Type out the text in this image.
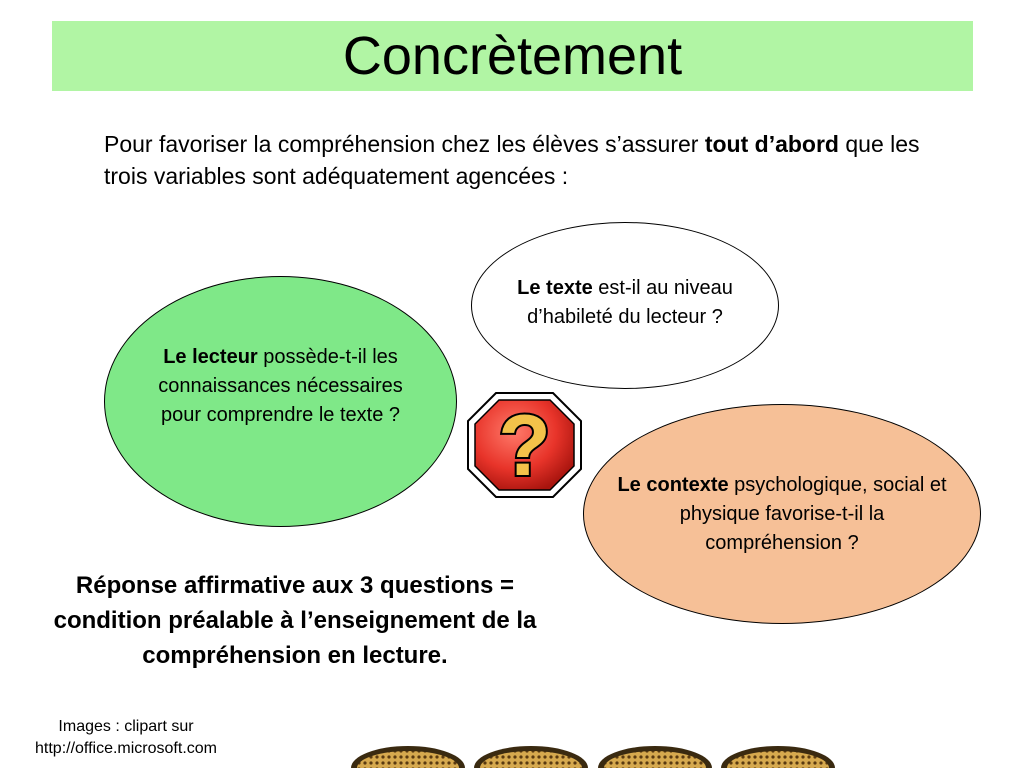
Concrètement
Pour favoriser la compréhension chez les élèves s’assurer tout d’abord que les trois variables sont adéquatement agencées :
Le texte est-il au niveau d’habileté du lecteur ?
Le lecteur possède-t-il les connaissances nécessaires pour comprendre le texte ?
Le contexte psychologique, social et physique favorise-t-il la compréhension ?
?
Réponse affirmative aux 3 questions = condition préalable à l’enseignement de la compréhension en lecture.
Images : clipart sur
http://office.microsoft.com
